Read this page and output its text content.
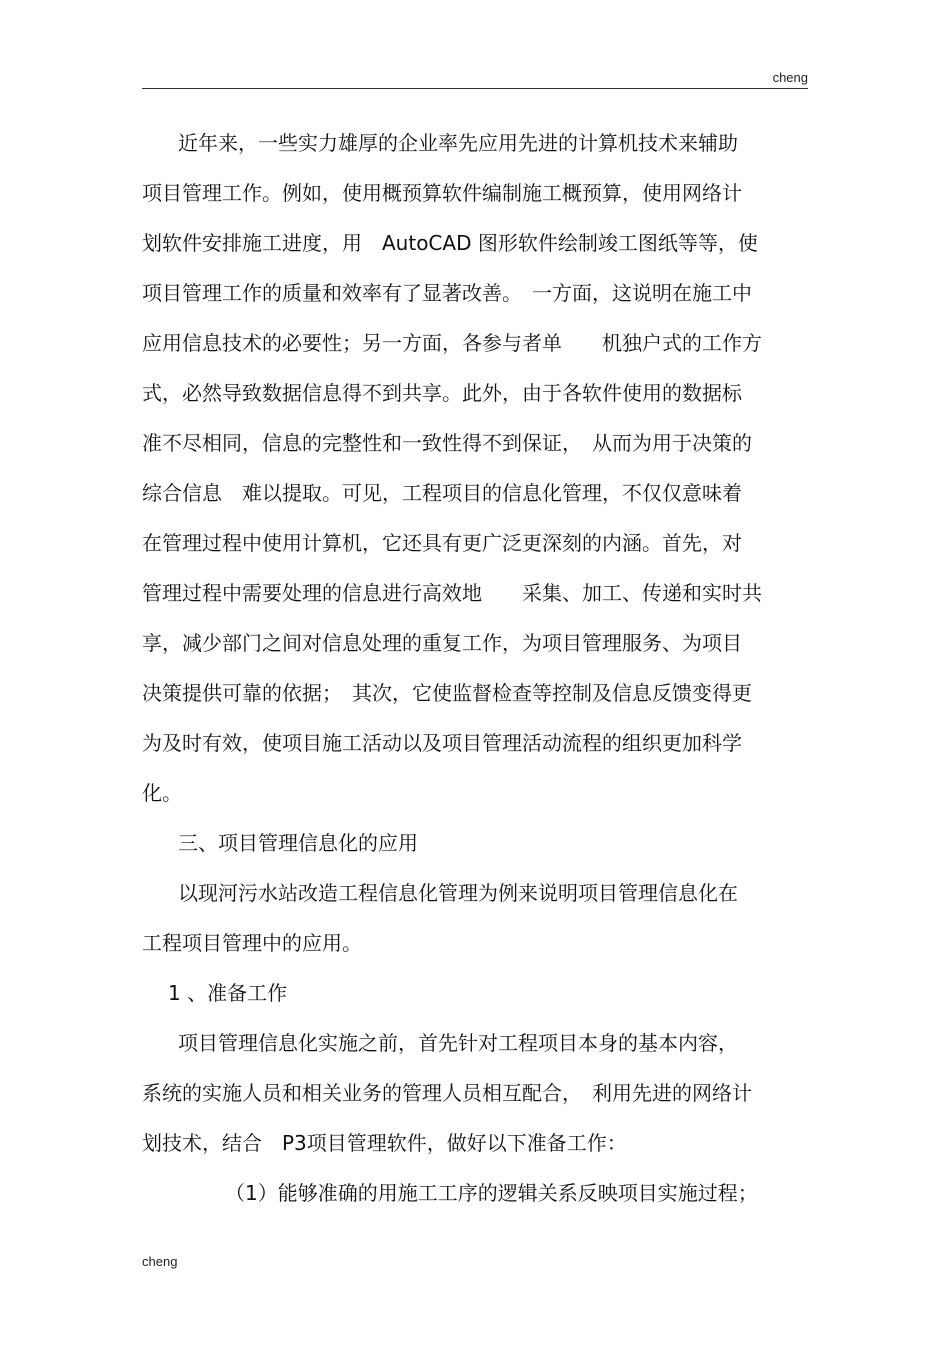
cheng
近年来，一些实力雄厚的企业率先应用先进的计算机技术来辅助
项目管理工作。例如，使用概预算软件编制施工概预算，使用网络计
划软件安排施工进度，用　AutoCAD 图形软件绘制竣工图纸等等，使
项目管理工作的质量和效率有了显著改善。　一方面，这说明在施工中
应用信息技术的必要性；另一方面，各参与者单　　机独户式的工作方
式，必然导致数据信息得不到共享。此外，由于各软件使用的数据标
准不尽相同，信息的完整性和一致性得不到保证，　从而为用于决策的
综合信息　难以提取。可见，工程项目的信息化管理，不仅仅意味着
在管理过程中使用计算机，它还具有更广泛更深刻的内涵。首先，对
管理过程中需要处理的信息进行高效地　　采集、加工、传递和实时共
享，减少部门之间对信息处理的重复工作，为项目管理服务、为项目
决策提供可靠的依据；　其次，它使监督检查等控制及信息反馈变得更
为及时有效，使项目施工活动以及项目管理活动流程的组织更加科学
化。
三、项目管理信息化的应用
以现河污水站改造工程信息化管理为例来说明项目管理信息化在
工程项目管理中的应用。
1 、准备工作
项目管理信息化实施之前，首先针对工程项目本身的基本内容，
系统的实施人员和相关业务的管理人员相互配合，　利用先进的网络计
划技术，结合　P3项目管理软件，做好以下准备工作：
（1）能够准确的用施工工序的逻辑关系反映项目实施过程；
cheng
